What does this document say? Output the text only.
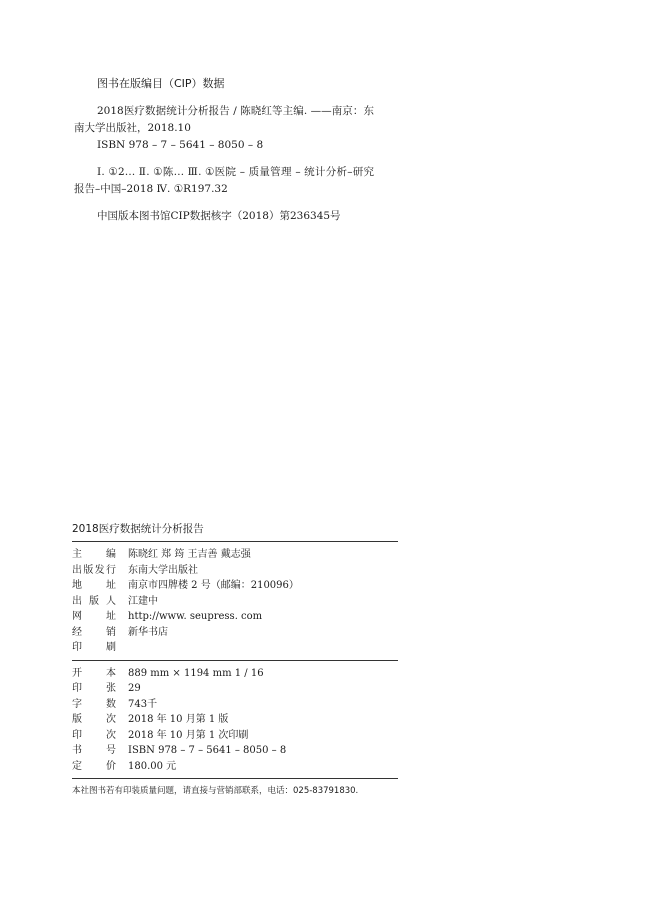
图书在版编目（CIP）数据

2018医疗数据统计分析报告 / 陈晓红等主编. ——南京：东南大学出版社，2018.10

ISBN 978 – 7 – 5641 – 8050 – 8

Ⅰ. ①2… Ⅱ. ①陈… Ⅲ. ①医院 – 质量管理 – 统计分析–研究报告–中国–2018 Ⅳ. ①R197.32

中国版本图书馆CIP数据核字（2018）第236345号

2018医疗数据统计分析报告
主　　编 陈晓红 郑 筠 王吉善 戴志强
出版发行 东南大学出版社
地　　址 南京市四牌楼 2 号（邮编：210096）
出 版 人 江建中
网　　址 http://www. seupress. com
经　　销 新华书店
印　　刷
开　　本 889 mm × 1194 mm 1 / 16
印　　张 29
字　　数 743千
版　　次 2018 年 10 月第 1 版
印　　次 2018 年 10 月第 1 次印刷
书　　号 ISBN 978 – 7 – 5641 – 8050 – 8
定　　价 180.00 元
本社图书若有印装质量问题，请直接与营销部联系，电话：025-83791830.
